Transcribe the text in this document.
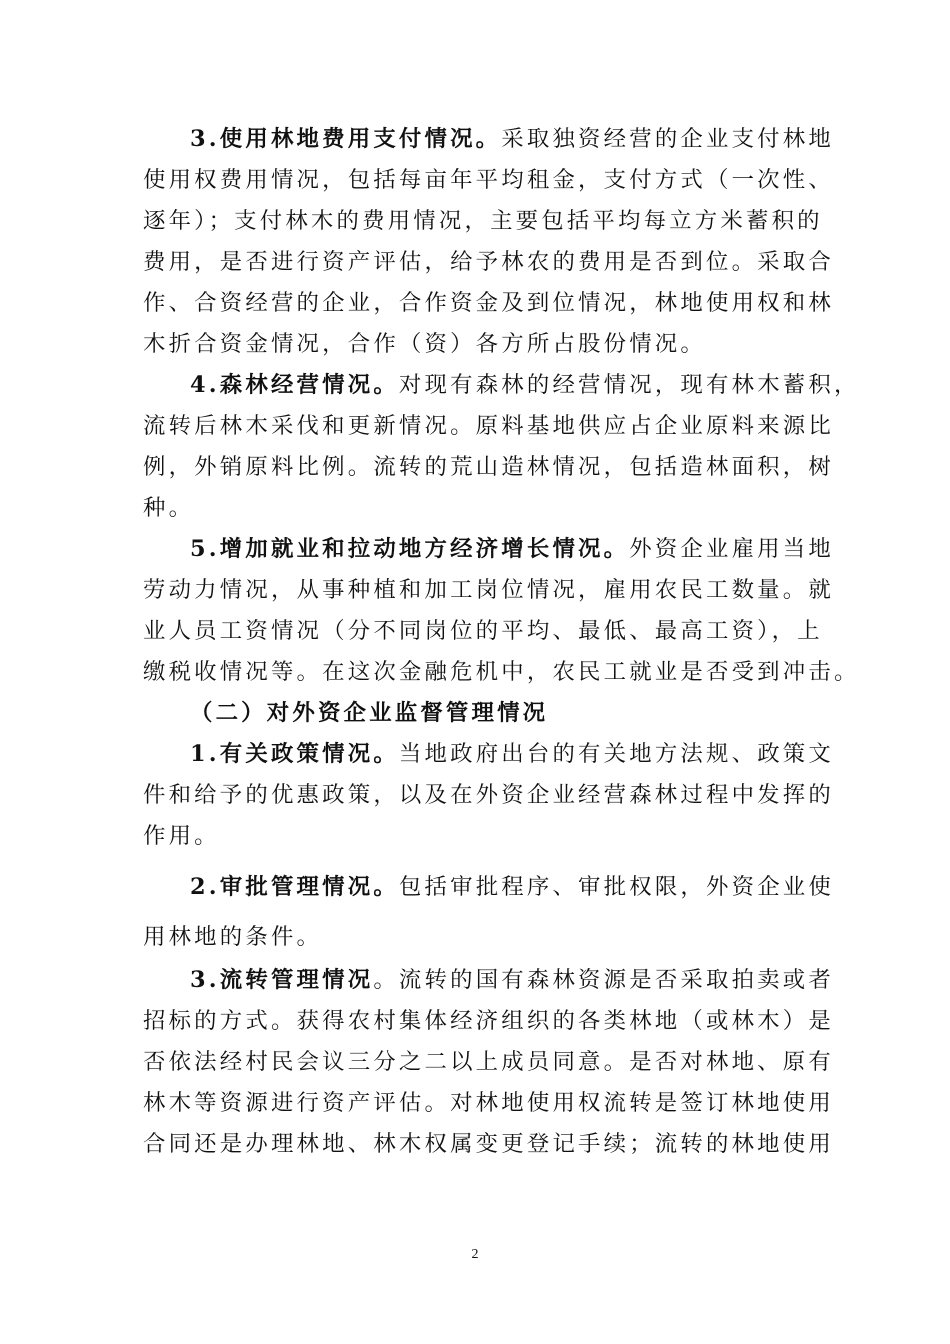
3.使用林地费用支付情况。采取独资经营的企业支付林地
使用权费用情况，包括每亩年平均租金，支付方式（一次性、
逐年）；支付林木的费用情况，主要包括平均每立方米蓄积的
费用，是否进行资产评估，给予林农的费用是否到位。采取合
作、合资经营的企业，合作资金及到位情况，林地使用权和林
木折合资金情况，合作（资）各方所占股份情况。
4.森林经营情况。对现有森林的经营情况，现有林木蓄积，
流转后林木采伐和更新情况。原料基地供应占企业原料来源比
例，外销原料比例。流转的荒山造林情况，包括造林面积，树
种。
5.增加就业和拉动地方经济增长情况。外资企业雇用当地
劳动力情况，从事种植和加工岗位情况，雇用农民工数量。就
业人员工资情况（分不同岗位的平均、最低、最高工资），上
缴税收情况等。在这次金融危机中，农民工就业是否受到冲击。
（二）对外资企业监督管理情况
1.有关政策情况。当地政府出台的有关地方法规、政策文
件和给予的优惠政策，以及在外资企业经营森林过程中发挥的
作用。
2.审批管理情况。包括审批程序、审批权限，外资企业使
用林地的条件。
3.流转管理情况。流转的国有森林资源是否采取拍卖或者
招标的方式。获得农村集体经济组织的各类林地（或林木）是
否依法经村民会议三分之二以上成员同意。是否对林地、原有
林木等资源进行资产评估。对林地使用权流转是签订林地使用
合同还是办理林地、林木权属变更登记手续；流转的林地使用
2
